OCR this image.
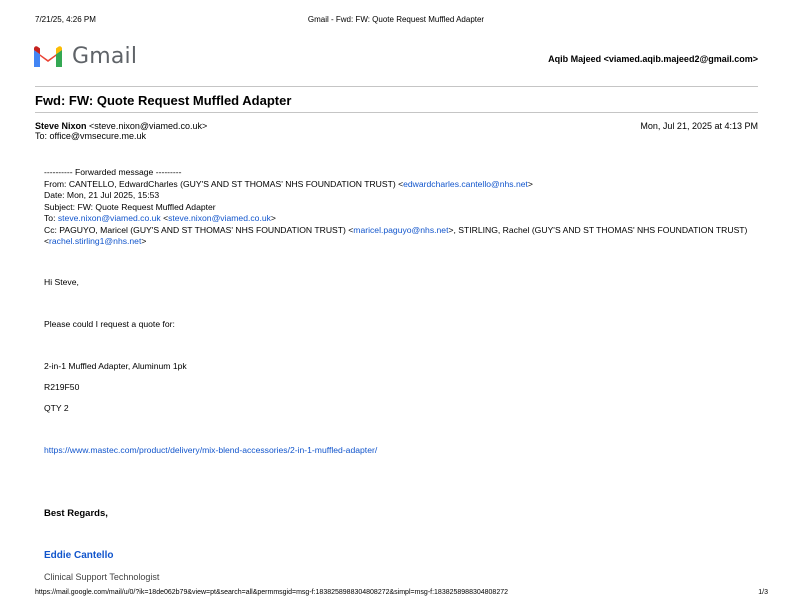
7/21/25, 4:26 PM	Gmail - Fwd: FW: Quote Request Muffled Adapter
Gmail	Aqib Majeed <viamed.aqib.majeed2@gmail.com>
Fwd: FW: Quote Request Muffled Adapter
Steve Nixon <steve.nixon@viamed.co.uk>	Mon, Jul 21, 2025 at 4:13 PM
To: office@vmsecure.me.uk
---------- Forwarded message ---------
From: CANTELLO, EdwardCharles (GUY'S AND ST THOMAS' NHS FOUNDATION TRUST) <edwardcharles.cantello@nhs.net>
Date: Mon, 21 Jul 2025, 15:53
Subject: FW: Quote Request Muffled Adapter
To: steve.nixon@viamed.co.uk <steve.nixon@viamed.co.uk>
Cc: PAGUYO, Maricel (GUY'S AND ST THOMAS' NHS FOUNDATION TRUST) <maricel.paguyo@nhs.net>, STIRLING, Rachel (GUY'S AND ST THOMAS' NHS FOUNDATION TRUST) <rachel.stirling1@nhs.net>
Hi Steve,
Please could I request a quote for:
2-in-1 Muffled Adapter, Aluminum 1pk
R219F50
QTY 2
https://www.mastec.com/product/delivery/mix-blend-accessories/2-in-1-muffled-adapter/
Best Regards,
Eddie Cantello
Clinical Support Technologist
https://mail.google.com/mail/u/0/?ik=18de062b79&view=pt&search=all&permmsgid=msg-f:1838258988304808272&simpl=msg-f:1838258988304808272	1/3
